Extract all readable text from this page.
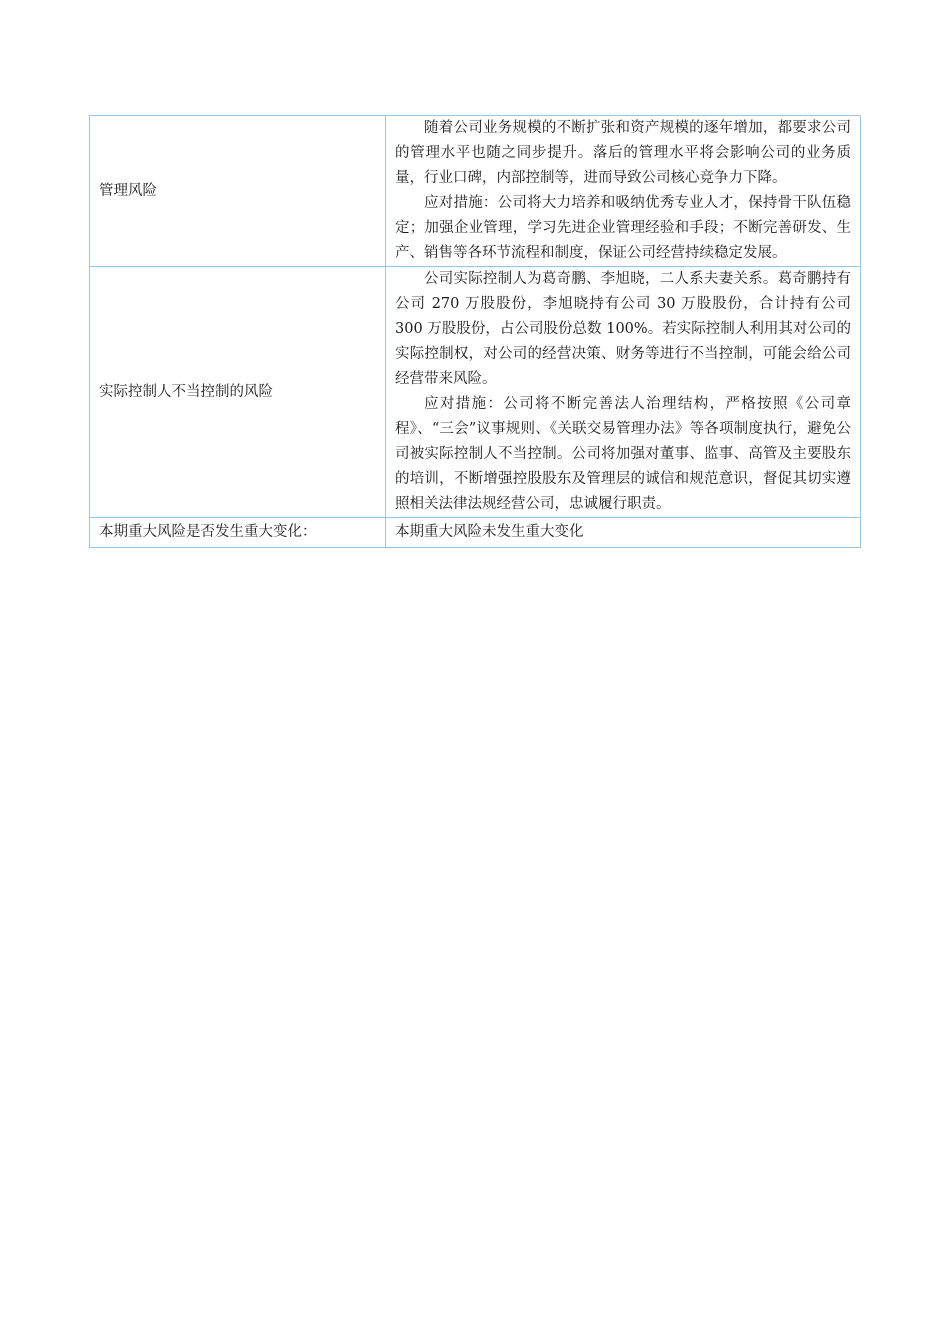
管理风险	随着公司业务规模的不断扩张和资产规模的逐年增加，都要求公司的管理水平也随之同步提升。落后的管理水平将会影响公司的业务质量，行业口碑，内部控制等，进而导致公司核心竞争力下降。

应对措施：公司将大力培养和吸纳优秀专业人才，保持骨干队伍稳定；加强企业管理，学习先进企业管理经验和手段；不断完善研发、生产、销售等各环节流程和制度，保证公司经营持续稳定发展。

实际控制人不当控制的风险	公司实际控制人为葛奇鹏、李旭晓，二人系夫妻关系。葛奇鹏持有公司 270 万股股份，李旭晓持有公司 30 万股股份，合计持有公司 300 万股股份，占公司股份总数 100%。若实际控制人利用其对公司的实际控制权，对公司的经营决策、财务等进行不当控制，可能会给公司经营带来风险。

应对措施：公司将不断完善法人治理结构，严格按照《公司章程》、“三会”议事规则、《关联交易管理办法》等各项制度执行，避免公司被实际控制人不当控制。公司将加强对董事、监事、高管及主要股东的培训，不断增强控股股东及管理层的诚信和规范意识，督促其切实遵照相关法律法规经营公司，忠诚履行职责。

本期重大风险是否发生重大变化：	本期重大风险未发生重大变化
